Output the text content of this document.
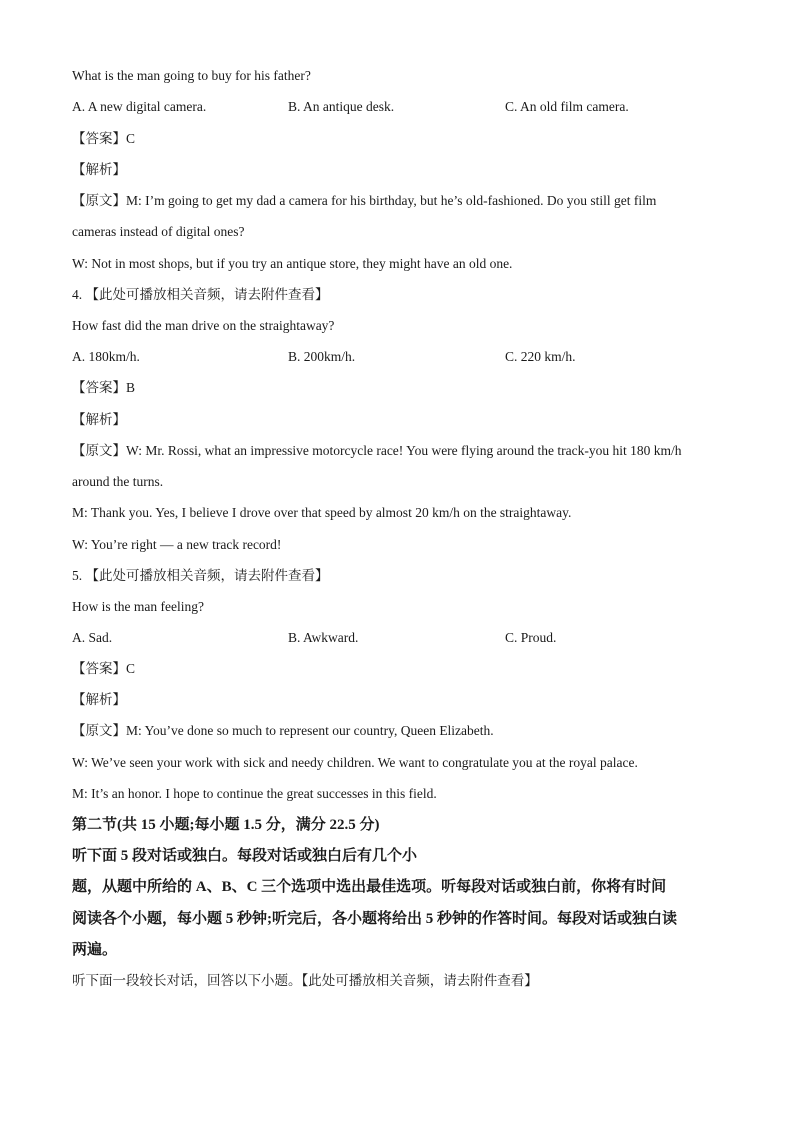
What is the man going to buy for his father?
A. A new digital camera.	B. An antique desk.	C. An old film camera.
【答案】C
【解析】
【原文】M: I’m going to get my dad a camera for his birthday, but he’s old-fashioned. Do you still get film
cameras instead of digital ones?
W: Not in most shops, but if you try an antique store, they might have an old one.
4. 【此处可播放相关音频，请去附件查看】
How fast did the man drive on the straightaway?
A. 180km/h.	B. 200km/h.	C. 220 km/h.
【答案】B
【解析】
【原文】W: Mr. Rossi, what an impressive motorcycle race! You were flying around the track-you hit 180 km/h
around the turns.
M: Thank you. Yes, I believe I drove over that speed by almost 20 km/h on the straightaway.
W: You’re right — a new track record!
5. 【此处可播放相关音频，请去附件查看】
How is the man feeling?
A. Sad.	B. Awkward.	C. Proud.
【答案】C
【解析】
【原文】M: You’ve done so much to represent our country, Queen Elizabeth.
W: We’ve seen your work with sick and needy children. We want to congratulate you at the royal palace.
M: It’s an honor. I hope to continue the great successes in this field.
第二节(共 15 小题;每小题 1.5 分，满分 22.5 分)
听下面 5 段对话或独白。每段对话或独白后有几个小
题，从题中所给的 A、B、C 三个选项中选出最佳选项。听每段对话或独白前，你将有时间
阅读各个小题，每小题 5 秒钟;听完后，各小题将给出 5 秒钟的作答时间。每段对话或独白读
两遍。
听下面一段较长对话，回答以下小题。【此处可播放相关音频，请去附件查看】
